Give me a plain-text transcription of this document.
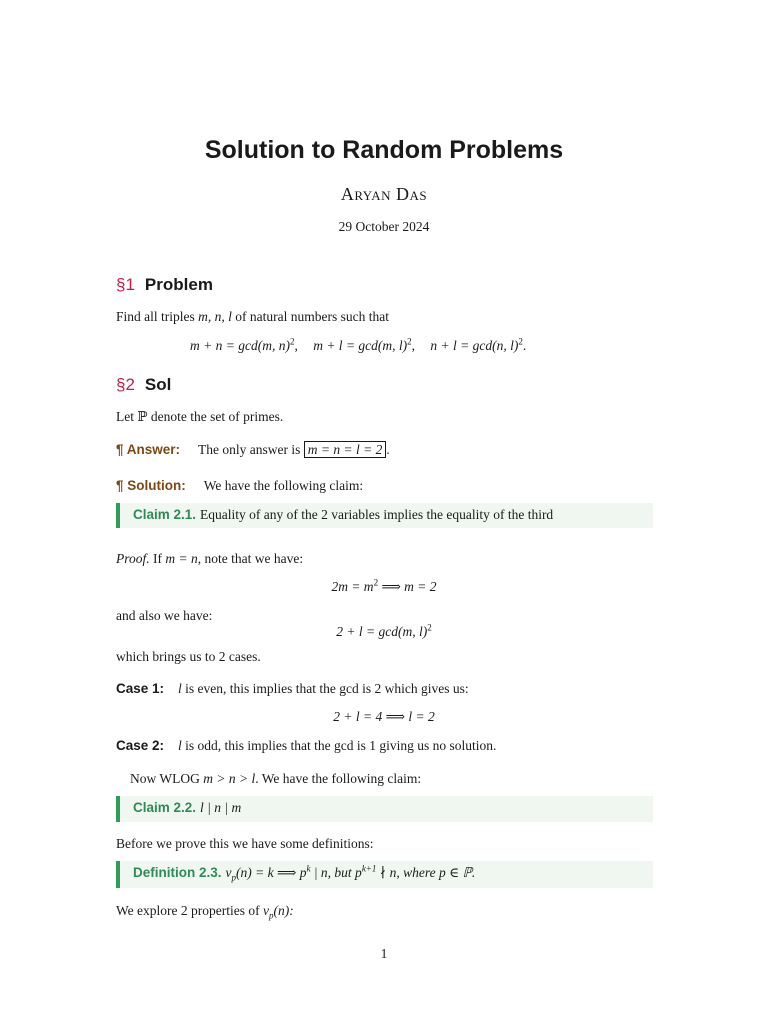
Solution to Random Problems
Aryan Das
29 October 2024
§1 Problem
Find all triples m, n, l of natural numbers such that
m + n = gcd(m, n)$^2$, m + l = gcd(m, l)$^2$, n + l = gcd(n, l)$^2$.
§2 Sol
Let ℙ denote the set of primes.
¶ Answer: The only answer is m = n = l = 2 .
¶ Solution: We have the following claim:
Claim 2.1. Equality of any of the 2 variables implies the equality of the third
Proof. If m = n, note that we have:
$2m = m^2$ ⟹ m = 2
and also we have:
2 + l = gcd(m, l)$^2$
which brings us to 2 cases.
Case 1: l is even, this implies that the gcd is 2 which gives us:
2 + l = 4 ⟹ l = 2
Case 2: l is odd, this implies that the gcd is 1 giving us no solution.
Now WLOG m > n > l. We have the following claim:
Claim 2.2. l | n | m
Before we prove this we have some definitions:
Definition 2.3. $\nu_p(n) = k$ ⟹ $p^k$ | n, but $p^{k+1}$ ∤ n, where p ∈ ℙ.
We explore 2 properties of $\nu_p(n)$:
1
